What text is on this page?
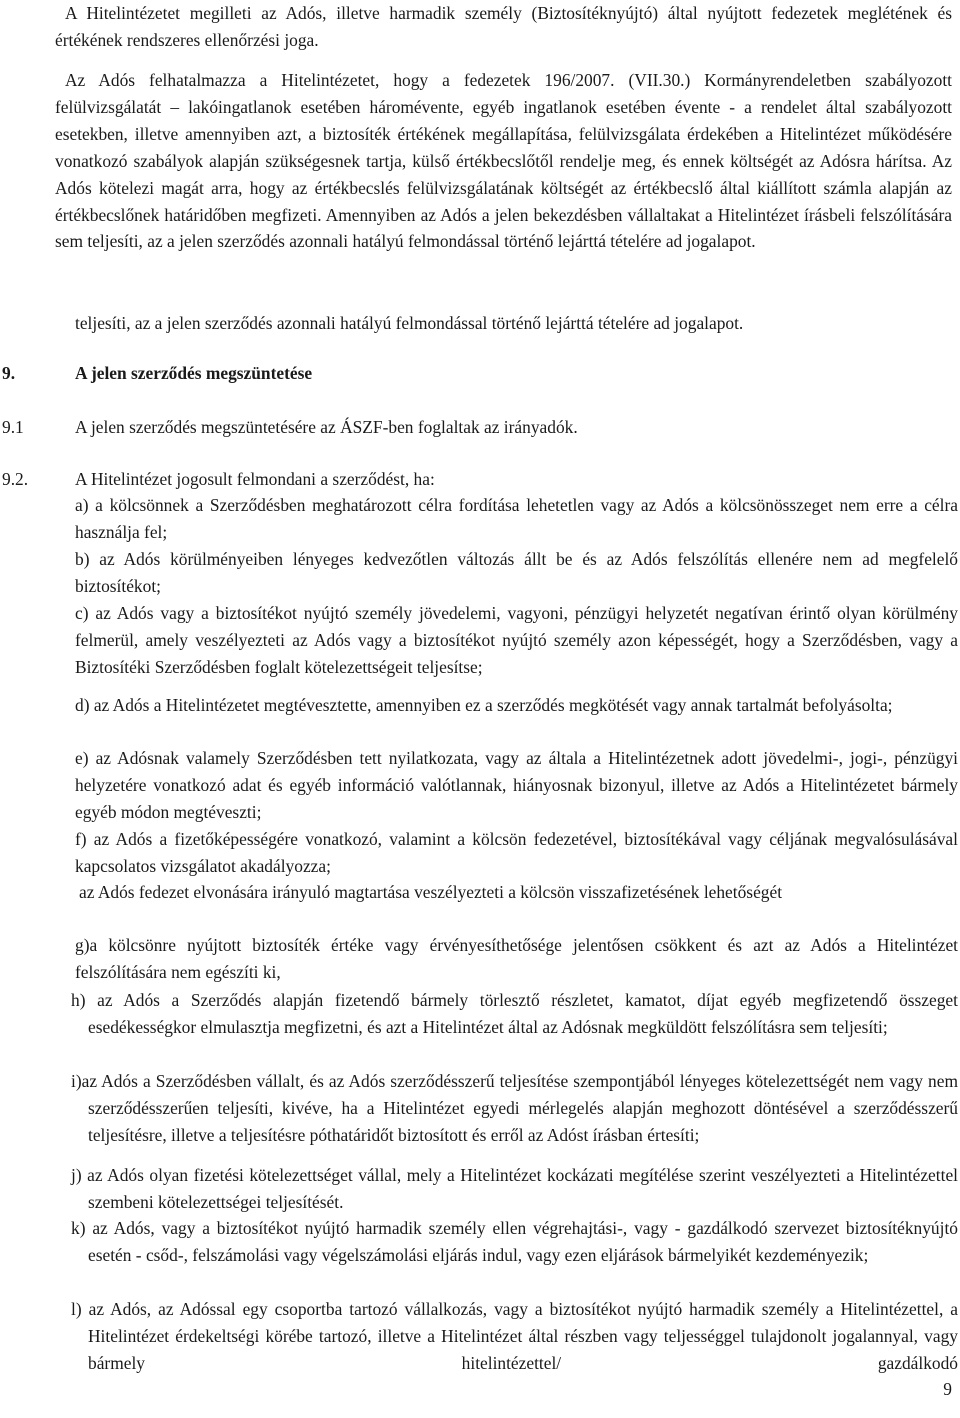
A Hitelintézetet megilleti az Adós, illetve harmadik személy (Biztosítéknyújtó) által nyújtott fedezetek meglétének és értékének rendszeres ellenőrzési joga.
Az Adós felhatalmazza a Hitelintézetet, hogy a fedezetek 196/2007. (VII.30.) Kormányrendeletben szabályozott felülvizsgálatát – lakóingatlanok esetében háromévente, egyéb ingatlanok esetében évente - a rendelet által szabályozott esetekben, illetve amennyiben azt, a biztosíték értékének megállapítása, felülvizsgálata érdekében a Hitelintézet működésére vonatkozó szabályok alapján szükségesnek tartja, külső értékbecslőtől rendelje meg, és ennek költségét az Adósra hárítsa. Az Adós kötelezi magát arra, hogy az értékbecslés felülvizsgálatának költségét az értékbecslő által kiállított számla alapján az értékbecslőnek határidőben megfizeti. Amennyiben az Adós a jelen bekezdésben vállaltakat a Hitelintézet írásbeli felszólítására sem teljesíti, az a jelen szerződés azonnali hatályú felmondással történő lejárttá tételére ad jogalapot.
teljesíti, az a jelen szerződés azonnali hatályú felmondással történő lejárttá tételére ad jogalapot.
9.	A jelen szerződés megszüntetése
9.1	A jelen szerződés megszüntetésére az ÁSZF-ben foglaltak az irányadók.
9.2.	A Hitelintézet jogosult felmondani a szerződést, ha:
a) a kölcsönnek a Szerződésben meghatározott célra fordítása lehetetlen vagy az Adós a kölcsönösszeget nem erre a célra használja fel;
b) az Adós körülményeiben lényeges kedvezőtlen változás állt be és az Adós felszólítás ellenére nem ad megfelelő biztosítékot;
c) az Adós vagy a biztosítékot nyújtó személy jövedelemi, vagyoni, pénzügyi helyzetét negatívan érintő olyan körülmény felmerül, amely veszélyezteti az Adós vagy a biztosítékot nyújtó személy azon képességét, hogy a Szerződésben, vagy a Biztosítéki Szerződésben foglalt kötelezettségeit teljesítse;
d) az Adós a Hitelintézetet megtévesztette, amennyiben ez a szerződés megkötését vagy annak tartalmát befolyásolta;
e) az Adósnak valamely Szerződésben tett nyilatkozata, vagy az általa a Hitelintézetnek adott jövedelmi-, jogi-, pénzügyi helyzetére vonatkozó adat és egyéb információ valótlannak, hiányosnak bizonyul, illetve az Adós a Hitelintézetet bármely egyéb módon megtéveszti;
f) az Adós a fizetőképességére vonatkozó, valamint a kölcsön fedezetével, biztosítékával vagy céljának megvalósulásával kapcsolatos vizsgálatot akadályozza;
az Adós fedezet elvonására irányuló magtartása veszélyezteti a kölcsön visszafizetésének lehetőségét
g)a kölcsönre nyújtott biztosíték értéke vagy érvényesíthetősége jelentősen csökkent és azt az Adós a Hitelintézet felszólítására nem egészíti ki,
h) az Adós a Szerződés alapján fizetendő bármely törlesztő részletet, kamatot, díjat egyéb megfizetendő összeget esedékességkor elmulasztja megfizetni, és azt a Hitelintézet által az Adósnak megküldött felszólításra sem teljesíti;
i)az Adós a Szerződésben vállalt, és az Adós szerződésszerű teljesítése szempontjából lényeges kötelezettségét nem vagy nem szerződésszerűen teljesíti, kivéve, ha a Hitelintézet egyedi mérlegelés alapján meghozott döntésével a szerződésszerű teljesítésre, illetve a teljesítésre póthatáridőt biztosított és erről az Adóst írásban értesíti;
j) az Adós olyan fizetési kötelezettséget vállal, mely a Hitelintézet kockázati megítélése szerint veszélyezteti a Hitelintézettel szembeni kötelezettségei teljesítését.
k) az Adós, vagy a biztosítékot nyújtó harmadik személy ellen végrehajtási-, vagy - gazdálkodó szervezet biztosítéknyújtó esetén - csőd-, felszámolási vagy végelszámolási eljárás indul, vagy ezen eljárások bármelyikét kezdeményezik;
l) az Adós, az Adóssal egy csoportba tartozó vállalkozás, vagy a biztosítékot nyújtó harmadik személy a Hitelintézettel, a Hitelintézet érdekeltségi körébe tartozó, illetve a Hitelintézet által részben vagy teljességgel tulajdonolt jogalannyal, vagy bármely hitelintézettel/ gazdálkodó
9
